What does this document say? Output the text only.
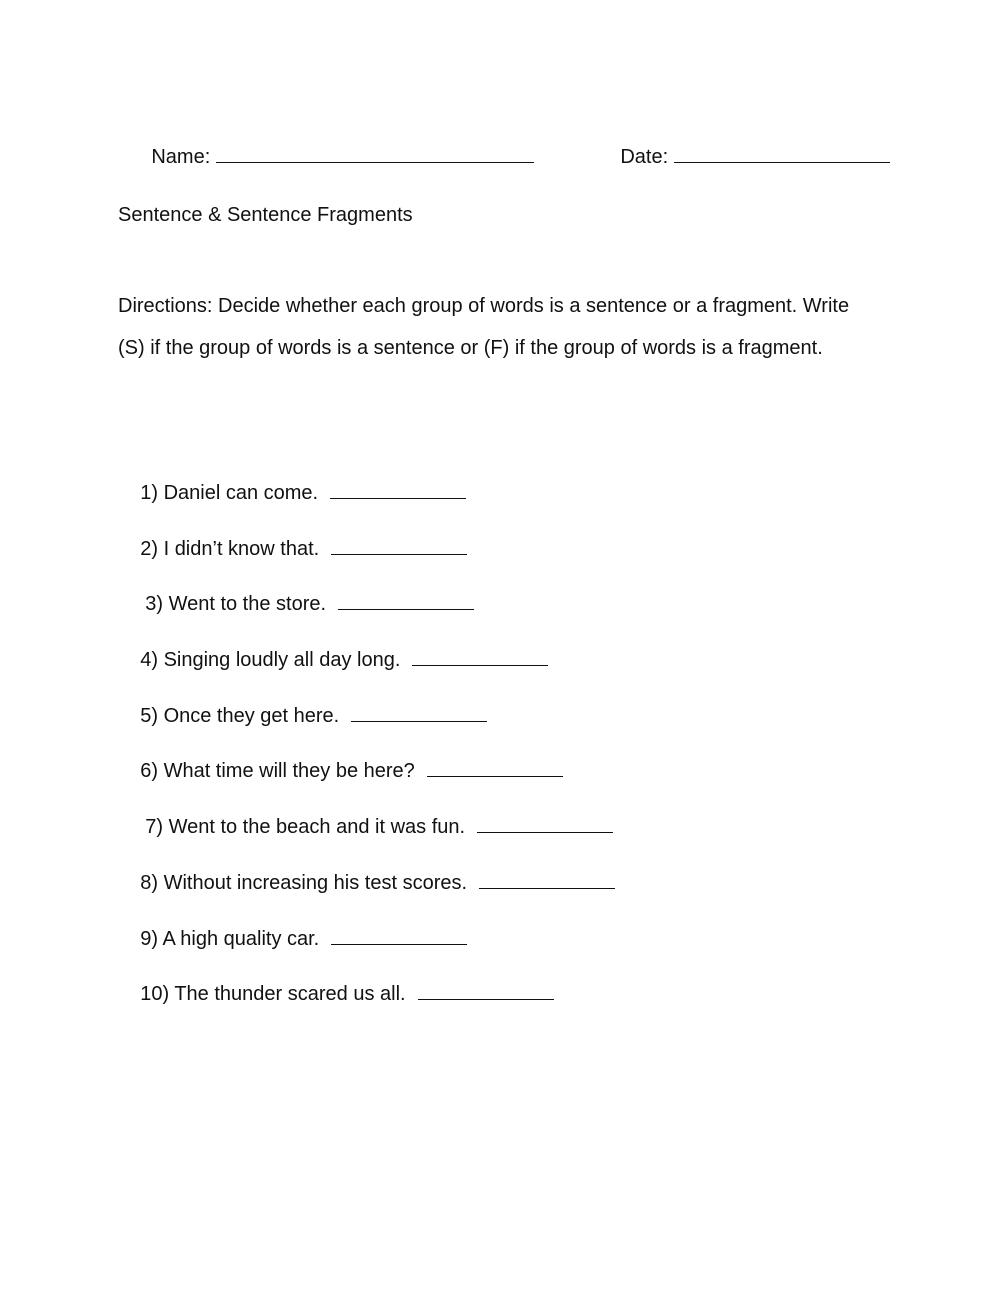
Name:
	Date:

Sentence & Sentence Fragments
Directions: Decide whether each group of words is a sentence or a fragment. Write (S) if the group of words is a sentence or (F) if the group of words is a fragment.

1) Daniel can come.

2) I didn’t know that.

3) Went to the store.

4) Singing loudly all day long.

5) Once they get here.

6) What time will they be here?

7) Went to the beach and it was fun.

8) Without increasing his test scores.

9) A high quality car.

10) The thunder scared us all.
